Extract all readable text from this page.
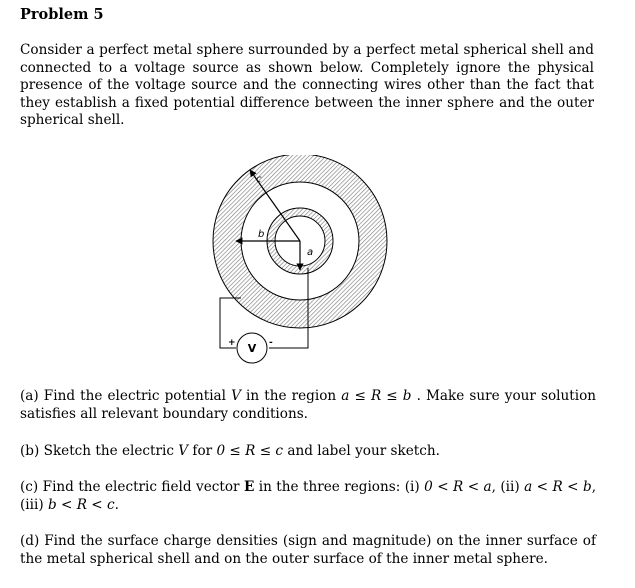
Problem 5
Consider a perfect metal sphere surrounded by a perfect metal spherical shell and connected to a voltage source as shown below. Completely ignore the physical presence of the voltage source and the connecting wires other than the fact that they establish a fixed potential difference between the inner sphere and the outer spherical shell.
c
b
a
V
+	-
(a) Find the electric potential V in the region a ≤ R ≤ b . Make sure your solution satisfies all relevant boundary conditions.
(b) Sketch the electric V for 0 ≤ R ≤ c and label your sketch.
(c) Find the electric field vector E in the three regions: (i) 0 < R < a, (ii) a < R < b, (iii) b < R < c.
(d) Find the surface charge densities (sign and magnitude) on the inner surface of the metal spherical shell and on the outer surface of the inner metal sphere.
